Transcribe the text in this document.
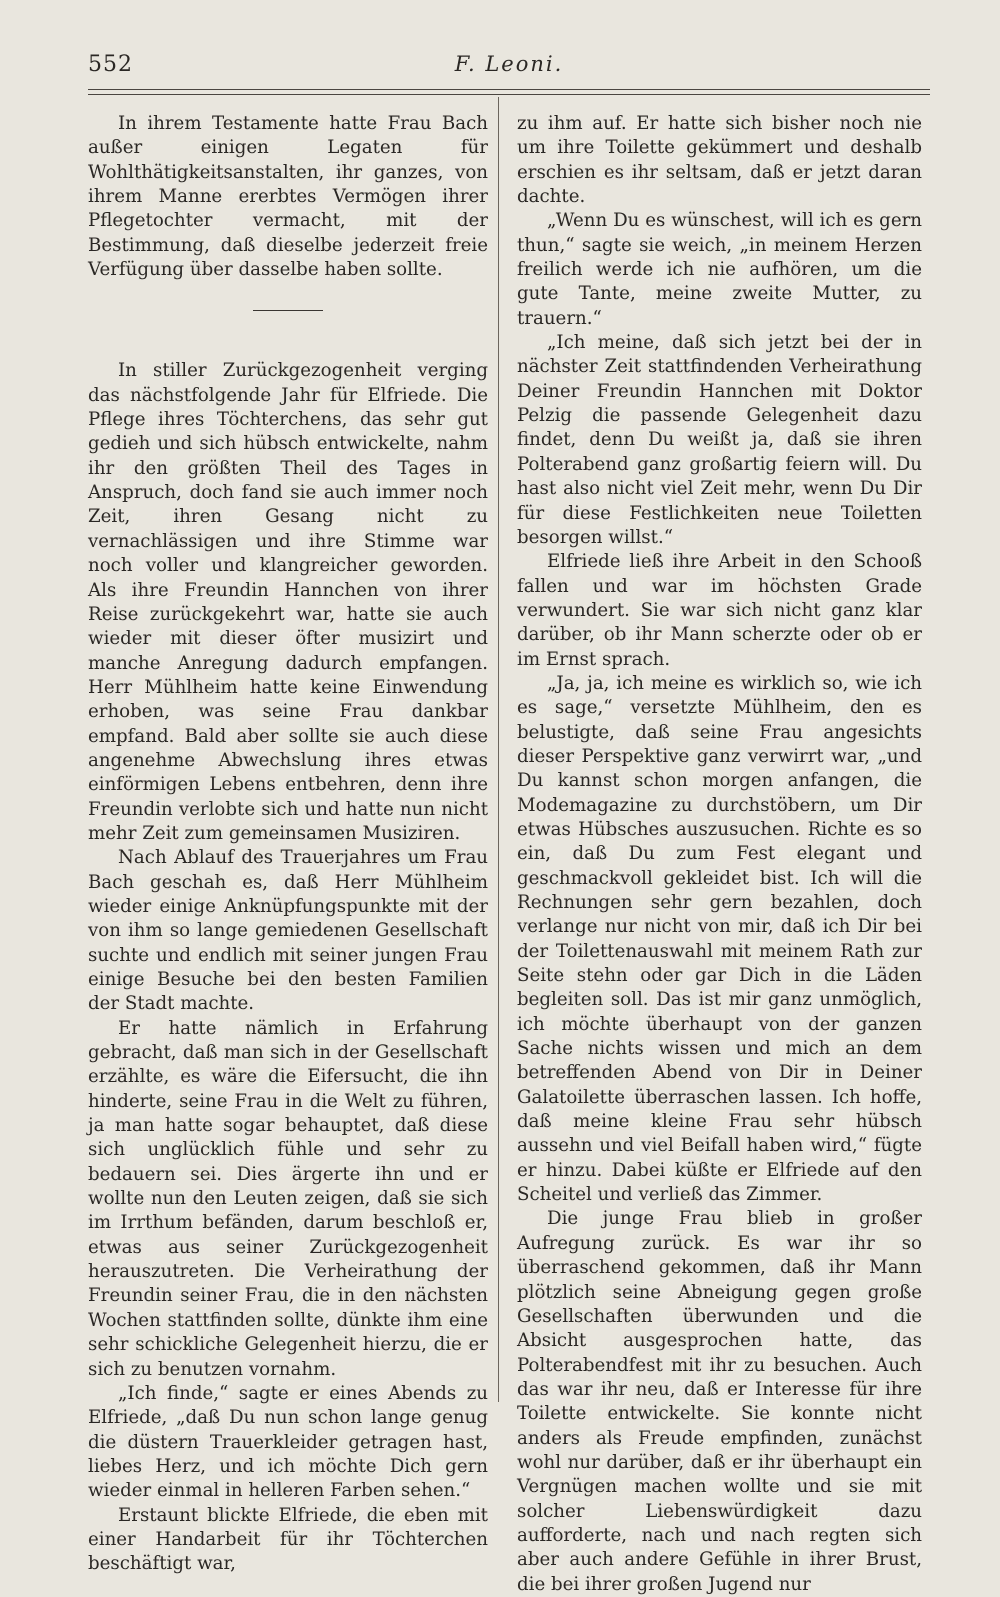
552	F. Leoni.

In ihrem Testamente hatte Frau Bach außer einigen Legaten für Wohlthätigkeitsanstalten, ihr ganzes, von ihrem Manne ererbtes Vermögen ihrer Pflegetochter vermacht, mit der Bestimmung, daß dieselbe jederzeit freie Verfügung über dasselbe haben sollte.

In stiller Zurückgezogenheit verging das nächstfolgende Jahr für Elfriede. Die Pflege ihres Töchterchens, das sehr gut gedieh und sich hübsch entwickelte, nahm ihr den größten Theil des Tages in Anspruch, doch fand sie auch immer noch Zeit, ihren Gesang nicht zu vernachlässigen und ihre Stimme war noch voller und klangreicher geworden. Als ihre Freundin Hannchen von ihrer Reise zurückgekehrt war, hatte sie auch wieder mit dieser öfter musizirt und manche Anregung dadurch empfangen. Herr Mühlheim hatte keine Einwendung erhoben, was seine Frau dankbar empfand. Bald aber sollte sie auch diese angenehme Abwechslung ihres etwas einförmigen Lebens entbehren, denn ihre Freundin verlobte sich und hatte nun nicht mehr Zeit zum gemeinsamen Musiziren.

Nach Ablauf des Trauerjahres um Frau Bach geschah es, daß Herr Mühlheim wieder einige Anknüpfungspunkte mit der von ihm so lange gemiedenen Gesellschaft suchte und endlich mit seiner jungen Frau einige Besuche bei den besten Familien der Stadt machte.

Er hatte nämlich in Erfahrung gebracht, daß man sich in der Gesellschaft erzählte, es wäre die Eifersucht, die ihn hinderte, seine Frau in die Welt zu führen, ja man hatte sogar behauptet, daß diese sich unglücklich fühle und sehr zu bedauern sei. Dies ärgerte ihn und er wollte nun den Leuten zeigen, daß sie sich im Irrthum befänden, darum beschloß er, etwas aus seiner Zurückgezogenheit herauszutreten. Die Verheirathung der Freundin seiner Frau, die in den nächsten Wochen stattfinden sollte, dünkte ihm eine sehr schickliche Gelegenheit hierzu, die er sich zu benutzen vornahm.

„Ich finde,“ sagte er eines Abends zu Elfriede, „daß Du nun schon lange genug die düstern Trauerkleider getragen hast, liebes Herz, und ich möchte Dich gern wieder einmal in helleren Farben sehen.“

Erstaunt blickte Elfriede, die eben mit einer Handarbeit für ihr Töchterchen beschäftigt war,

zu ihm auf. Er hatte sich bisher noch nie um ihre Toilette gekümmert und deshalb erschien es ihr seltsam, daß er jetzt daran dachte.

„Wenn Du es wünschest, will ich es gern thun,“ sagte sie weich, „in meinem Herzen freilich werde ich nie aufhören, um die gute Tante, meine zweite Mutter, zu trauern.“

„Ich meine, daß sich jetzt bei der in nächster Zeit stattfindenden Verheirathung Deiner Freundin Hannchen mit Doktor Pelzig die passende Gelegenheit dazu findet, denn Du weißt ja, daß sie ihren Polterabend ganz großartig feiern will. Du hast also nicht viel Zeit mehr, wenn Du Dir für diese Festlichkeiten neue Toiletten besorgen willst.“

Elfriede ließ ihre Arbeit in den Schooß fallen und war im höchsten Grade verwundert. Sie war sich nicht ganz klar darüber, ob ihr Mann scherzte oder ob er im Ernst sprach.

„Ja, ja, ich meine es wirklich so, wie ich es sage,“ versetzte Mühlheim, den es belustigte, daß seine Frau angesichts dieser Perspektive ganz verwirrt war, „und Du kannst schon morgen anfangen, die Modemagazine zu durchstöbern, um Dir etwas Hübsches auszusuchen. Richte es so ein, daß Du zum Fest elegant und geschmackvoll gekleidet bist. Ich will die Rechnungen sehr gern bezahlen, doch verlange nur nicht von mir, daß ich Dir bei der Toilettenauswahl mit meinem Rath zur Seite stehn oder gar Dich in die Läden begleiten soll. Das ist mir ganz unmöglich, ich möchte überhaupt von der ganzen Sache nichts wissen und mich an dem betreffenden Abend von Dir in Deiner Galatoilette überraschen lassen. Ich hoffe, daß meine kleine Frau sehr hübsch aussehn und viel Beifall haben wird,“ fügte er hinzu. Dabei küßte er Elfriede auf den Scheitel und verließ das Zimmer.

Die junge Frau blieb in großer Aufregung zurück. Es war ihr so überraschend gekommen, daß ihr Mann plötzlich seine Abneigung gegen große Gesellschaften überwunden und die Absicht ausgesprochen hatte, das Polterabendfest mit ihr zu besuchen. Auch das war ihr neu, daß er Interesse für ihre Toilette entwickelte. Sie konnte nicht anders als Freude empfinden, zunächst wohl nur darüber, daß er ihr überhaupt ein Vergnügen machen wollte und sie mit solcher Liebenswürdigkeit dazu aufforderte, nach und nach regten sich aber auch andere Gefühle in ihrer Brust, die bei ihrer großen Jugend nur
